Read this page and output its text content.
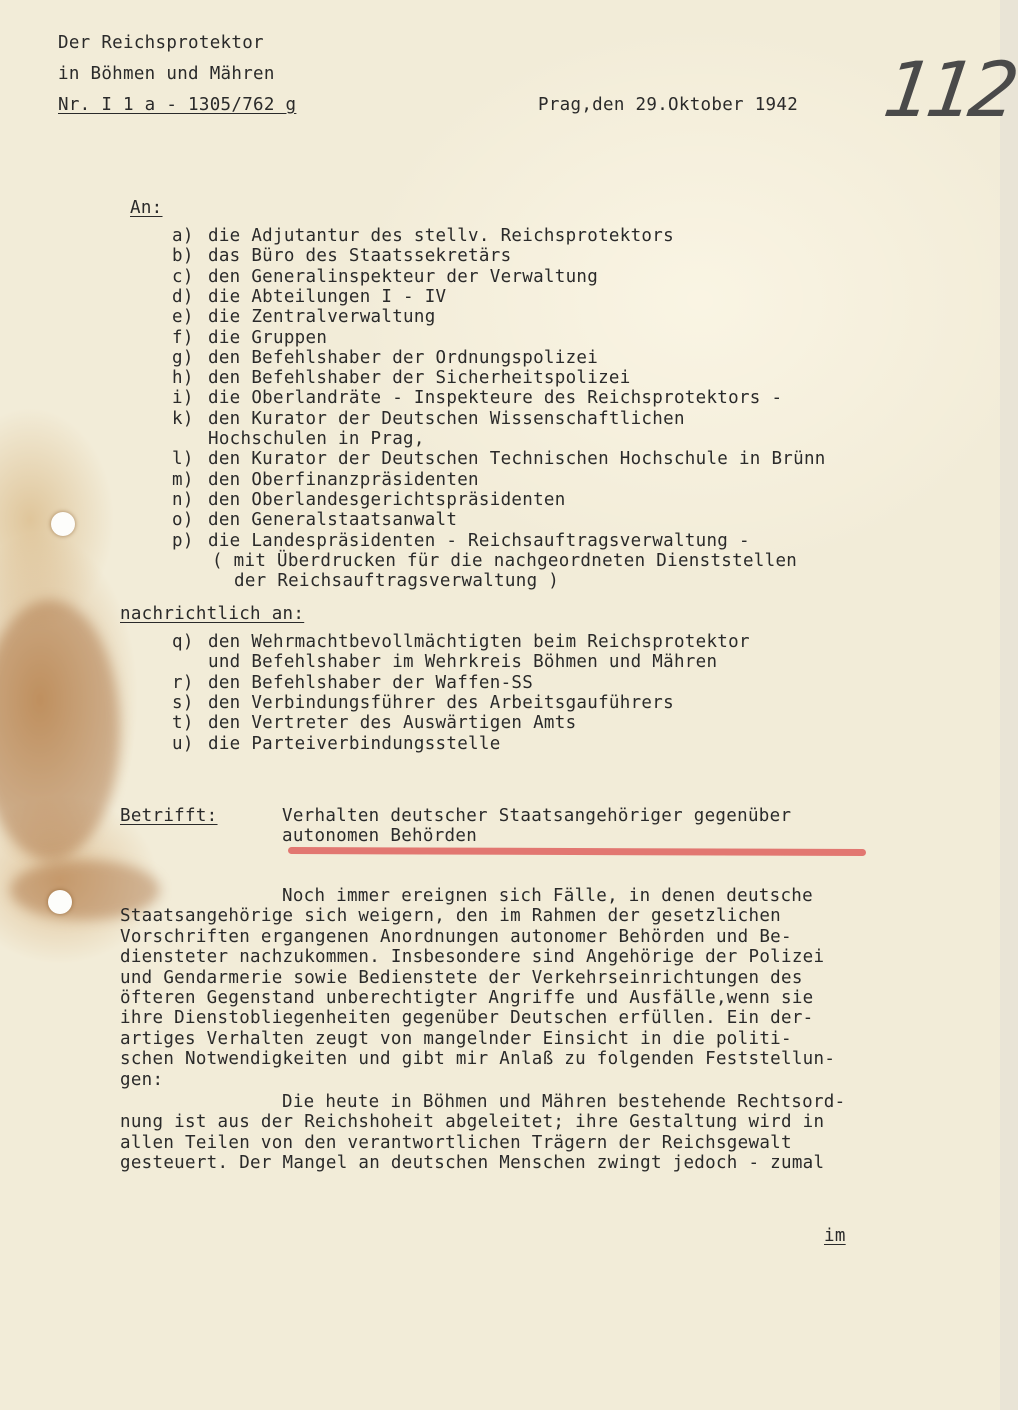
Der Reichsprotektor
in Böhmen und Mähren
Nr. I 1 a - 1305/762 g	Prag,den 29.Oktober 1942 112
An:
a) die Adjutantur des stellv. Reichsprotektors
b) das Büro des Staatssekretärs
c) den Generalinspekteur der Verwaltung
d) die Abteilungen I - IV
e) die Zentralverwaltung
f) die Gruppen
g) den Befehlshaber der Ordnungspolizei
h) den Befehlshaber der Sicherheitspolizei
i) die Oberlandräte - Inspekteure des Reichsprotektors -
k) den Kurator der Deutschen Wissenschaftlichen
Hochschulen in Prag,
l) den Kurator der Deutschen Technischen Hochschule in Brünn
m) den Oberfinanzpräsidenten
n) den Oberlandesgerichtspräsidenten
o) den Generalstaatsanwalt
p) die Landespräsidenten - Reichsauftragsverwaltung -
( mit Überdrucken für die nachgeordneten Dienststellen
der Reichsauftragsverwaltung )
nachrichtlich an:
q) den Wehrmachtbevollmächtigten beim Reichsprotektor
und Befehlshaber im Wehrkreis Böhmen und Mähren
r) den Befehlshaber der Waffen-SS
s) den Verbindungsführer des Arbeitsgauführers
t) den Vertreter des Auswärtigen Amts
u) die Parteiverbindungsstelle
Betrifft:	Verhalten deutscher Staatsangehöriger gegenüber
autonomen Behörden
Noch immer ereignen sich Fälle, in denen deutsche
Staatsangehörige sich weigern, den im Rahmen der gesetzlichen
Vorschriften ergangenen Anordnungen autonomer Behörden und Be-
diensteter nachzukommen. Insbesondere sind Angehörige der Polizei
und Gendarmerie sowie Bedienstete der Verkehrseinrichtungen des
öfteren Gegenstand unberechtigter Angriffe und Ausfälle,wenn sie
ihre Dienstobliegenheiten gegenüber Deutschen erfüllen. Ein der-
artiges Verhalten zeugt von mangelnder Einsicht in die politi-
schen Notwendigkeiten und gibt mir Anlaß zu folgenden Feststellun-
gen:
Die heute in Böhmen und Mähren bestehende Rechtsord-
nung ist aus der Reichshoheit abgeleitet; ihre Gestaltung wird in
allen Teilen von den verantwortlichen Trägern der Reichsgewalt
gesteuert. Der Mangel an deutschen Menschen zwingt jedoch - zumal
im
